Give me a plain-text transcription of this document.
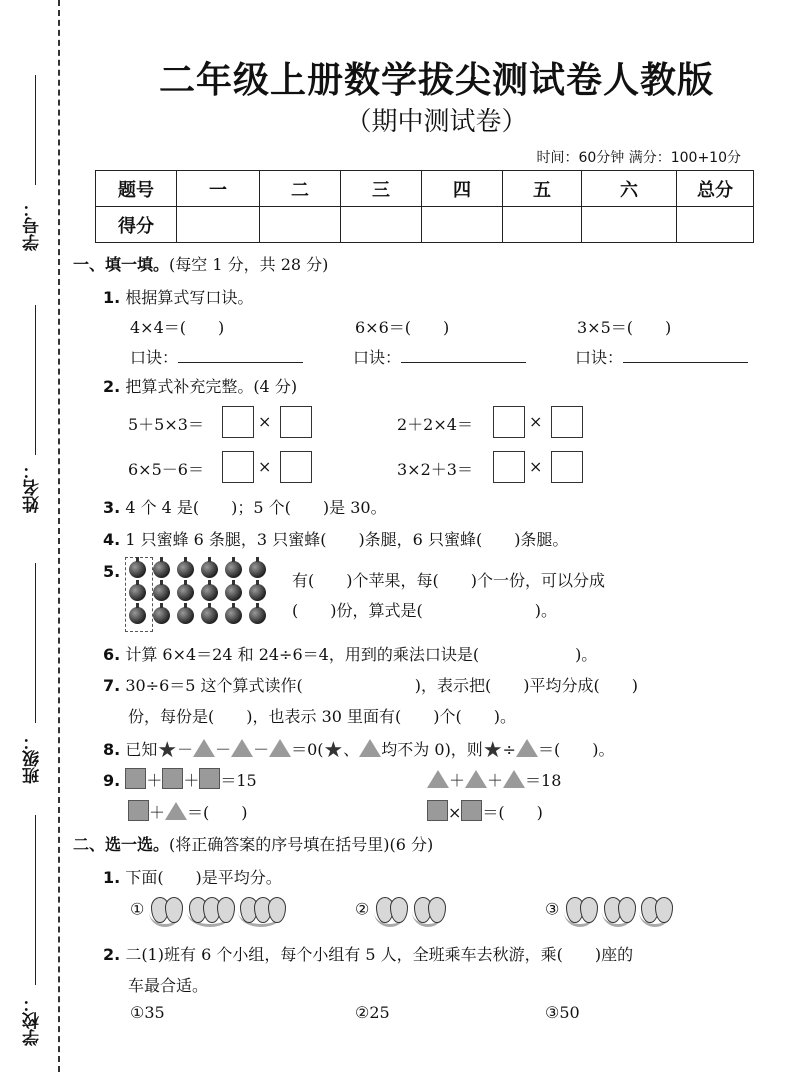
学号：
姓名：
班级：
学校：
二年级上册数学拔尖测试卷人教版
（期中测试卷）
时间：60分钟 满分：100+10分
题号	一	二	三	四	五	六	总分
得分							
一、填一填。(每空 1 分，共 28 分)
1. 根据算式写口诀。
4×4＝(　　)	6×6＝(　　)	3×5＝(　　)
口诀：	口诀：	口诀：
2. 把算式补充完整。(4 分)
5＋5×3＝	×	2＋2×4＝	×
6×5－6＝	×	3×2＋3＝	×
3. 4 个 4 是(　　)；5 个(　　)是 30。
4. 1 只蜜蜂 6 条腿，3 只蜜蜂(　　)条腿，6 只蜜蜂(　　)条腿。
5.	有(　　)个苹果，每(　　)个一份，可以分成
(　　)份，算式是(　　　　　　　)。
6. 计算 6×4＝24 和 24÷6＝4，用到的乘法口诀是(　　　　　　)。
7. 30÷6＝5 这个算式读作(　　　　　　　)，表示把(　　)平均分成(　　)
份，每份是(　　)，也表示 30 里面有(　　)个(　　)。
8. 已知★－ － － ＝0(★、 均不为 0)，则★÷ ＝(　　)。
9. ＋ ＋ ＝15	＋ ＋ ＝18
＋ ＝(　　)	× ＝(　　)
二、选一选。(将正确答案的序号填在括号里)(6 分)
1. 下面(　　)是平均分。
①	②	③
2. 二(1)班有 6 个小组，每个小组有 5 人，全班乘车去秋游，乘(　　)座的
车最合适。
①35	②25	③50
